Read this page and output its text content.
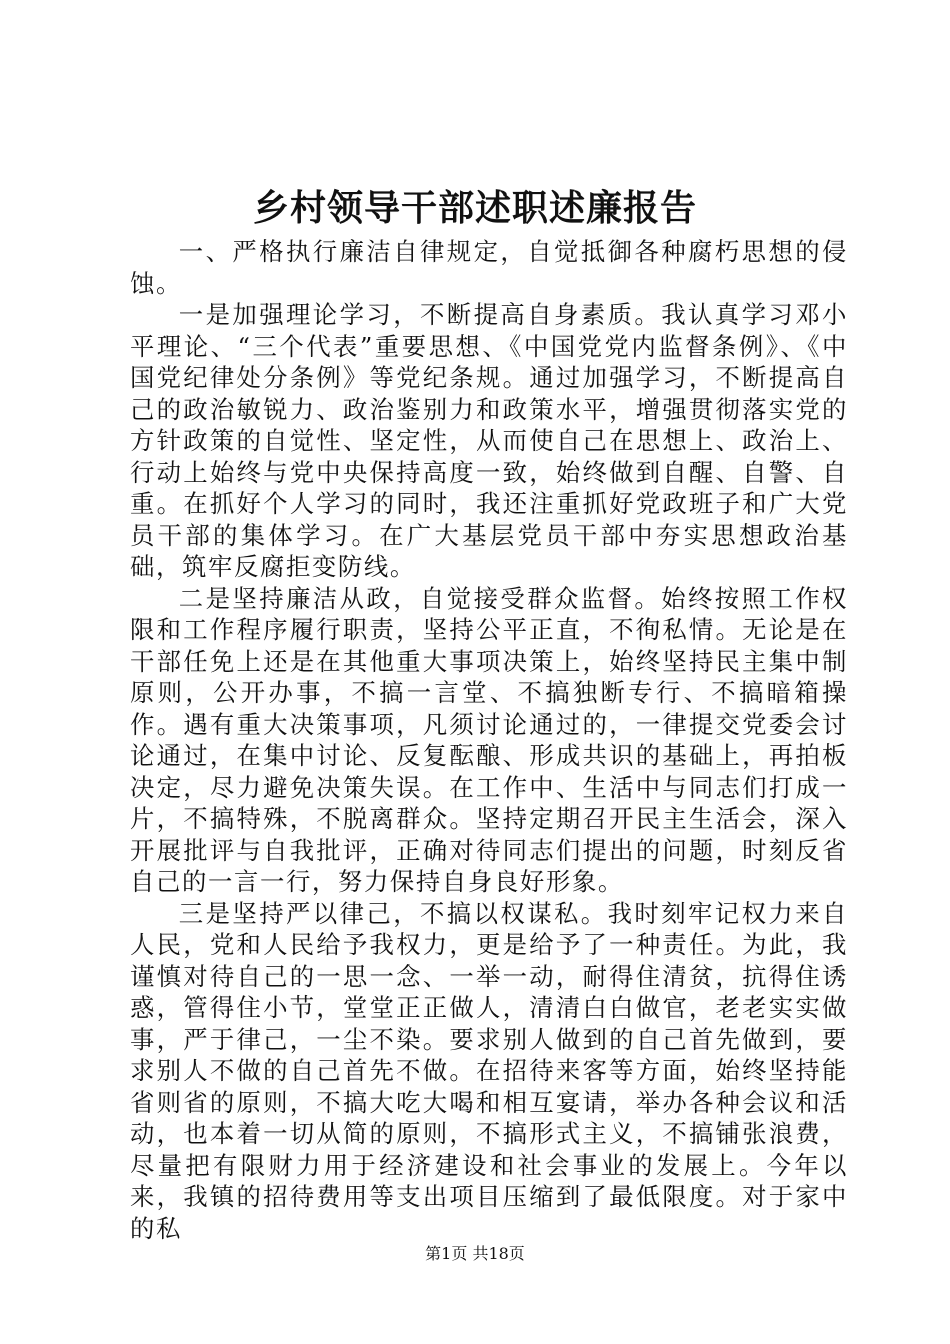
乡村领导干部述职述廉报告

一、严格执行廉洁自律规定，自觉抵御各种腐朽思想的侵蚀。

一是加强理论学习，不断提高自身素质。我认真学习邓小平理论、“三个代表”重要思想、《中国党党内监督条例》、《中国党纪律处分条例》等党纪条规。通过加强学习，不断提高自己的政治敏锐力、政治鉴别力和政策水平，增强贯彻落实党的方针政策的自觉性、坚定性，从而使自己在思想上、政治上、行动上始终与党中央保持高度一致，始终做到自醒、自警、自重。在抓好个人学习的同时，我还注重抓好党政班子和广大党员干部的集体学习。在广大基层党员干部中夯实思想政治基础，筑牢反腐拒变防线。

二是坚持廉洁从政，自觉接受群众监督。始终按照工作权限和工作程序履行职责，坚持公平正直，不徇私情。无论是在干部任免上还是在其他重大事项决策上，始终坚持民主集中制原则，公开办事，不搞一言堂、不搞独断专行、不搞暗箱操作。遇有重大决策事项，凡须讨论通过的，一律提交党委会讨论通过，在集中讨论、反复酝酿、形成共识的基础上，再拍板决定，尽力避免决策失误。在工作中、生活中与同志们打成一片，不搞特殊，不脱离群众。坚持定期召开民主生活会，深入开展批评与自我批评，正确对待同志们提出的问题，时刻反省自己的一言一行，努力保持自身良好形象。

三是坚持严以律己，不搞以权谋私。我时刻牢记权力来自人民，党和人民给予我权力，更是给予了一种责任。为此，我谨慎对待自己的一思一念、一举一动，耐得住清贫，抗得住诱惑，管得住小节，堂堂正正做人，清清白白做官，老老实实做事，严于律己，一尘不染。要求别人做到的自己首先做到，要求别人不做的自己首先不做。在招待来客等方面，始终坚持能省则省的原则，不搞大吃大喝和相互宴请，举办各种会议和活动，也本着一切从简的原则，不搞形式主义，不搞铺张浪费，尽量把有限财力用于经济建设和社会事业的发展上。今年以来，我镇的招待费用等支出项目压缩到了最低限度。对于家中的私

第1页 共18页
